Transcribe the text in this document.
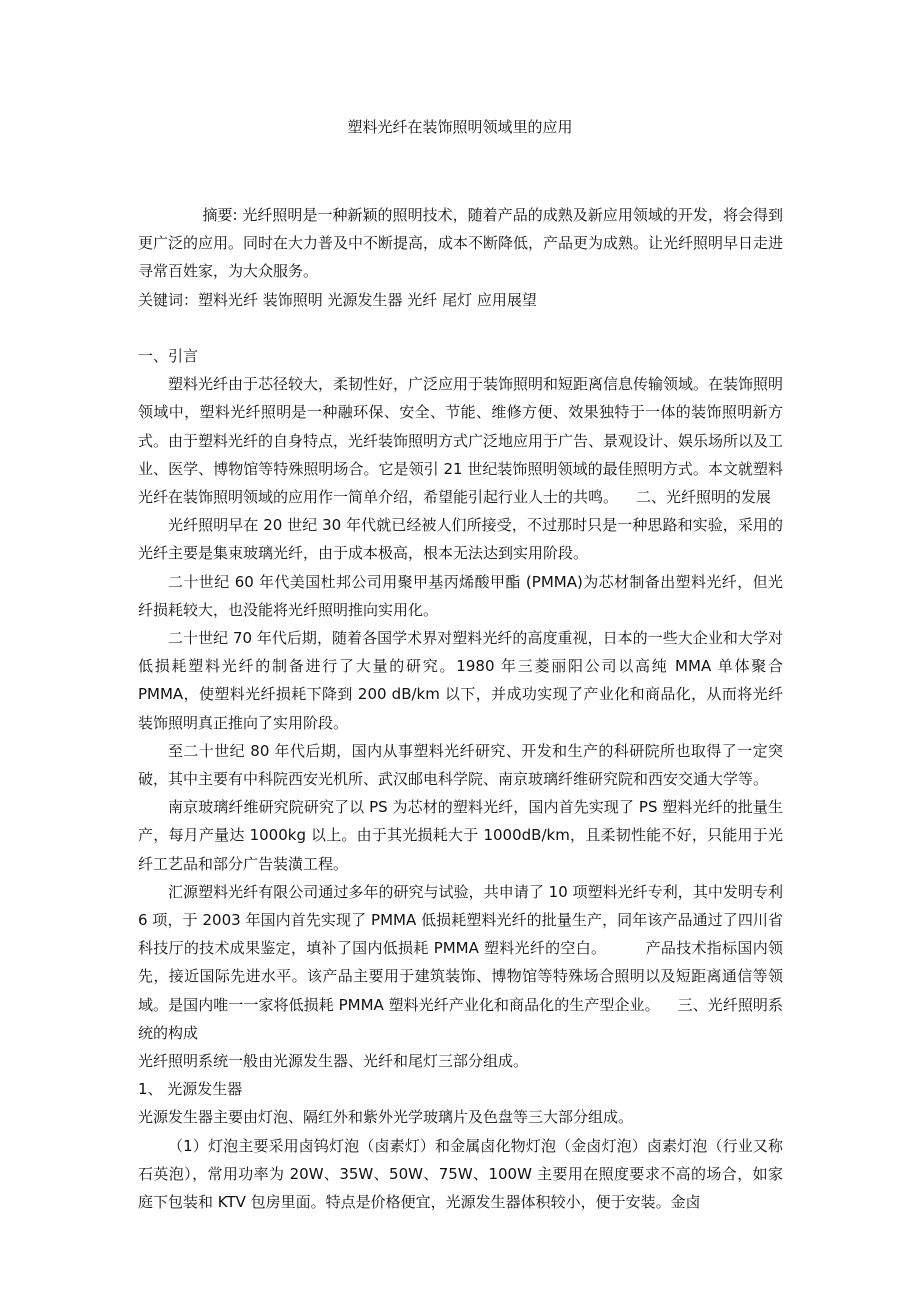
塑料光纤在装饰照明领域里的应用

摘要: 光纤照明是一种新颖的照明技术，随着产品的成熟及新应用领域的开发，将会得到更广泛的应用。同时在大力普及中不断提高，成本不断降低，产品更为成熟。让光纤照明早日走进寻常百姓家，为大众服务。

关键词：塑料光纤 装饰照明 光源发生器 光纤 尾灯 应用展望

一、引言

塑料光纤由于芯径较大，柔韧性好，广泛应用于装饰照明和短距离信息传输领域。在装饰照明领域中，塑料光纤照明是一种融环保、安全、节能、维修方便、效果独特于一体的装饰照明新方式。由于塑料光纤的自身特点，光纤装饰照明方式广泛地应用于广告、景观设计、娱乐场所以及工业、医学、博物馆等特殊照明场合。它是领引 21 世纪装饰照明领域的最佳照明方式。本文就塑料光纤在装饰照明领域的应用作一简单介绍，希望能引起行业人士的共鸣。 二、光纤照明的发展

光纤照明早在 20 世纪 30 年代就已经被人们所接受，不过那时只是一种思路和实验，采用的光纤主要是集束玻璃光纤，由于成本极高，根本无法达到实用阶段。

二十世纪 60 年代美国杜邦公司用聚甲基丙烯酸甲酯 (PMMA)为芯材制备出塑料光纤，但光纤损耗较大，也没能将光纤照明推向实用化。

二十世纪 70 年代后期，随着各国学术界对塑料光纤的高度重视，日本的一些大企业和大学对低损耗塑料光纤的制备进行了大量的研究。1980 年三菱丽阳公司以高纯 MMA 单体聚合 PMMA，使塑料光纤损耗下降到 200 dB/km 以下，并成功实现了产业化和商品化，从而将光纤装饰照明真正推向了实用阶段。

至二十世纪 80 年代后期，国内从事塑料光纤研究、开发和生产的科研院所也取得了一定突破，其中主要有中科院西安光机所、武汉邮电科学院、南京玻璃纤维研究院和西安交通大学等。

南京玻璃纤维研究院研究了以 PS 为芯材的塑料光纤，国内首先实现了 PS 塑料光纤的批量生产，每月产量达 1000kg 以上。由于其光损耗大于 1000dB/km，且柔韧性能不好，只能用于光纤工艺品和部分广告装潢工程。

汇源塑料光纤有限公司通过多年的研究与试验，共申请了 10 项塑料光纤专利，其中发明专利 6 项，于 2003 年国内首先实现了 PMMA 低损耗塑料光纤的批量生产，同年该产品通过了四川省科技厅的技术成果鉴定，填补了国内低损耗 PMMA 塑料光纤的空白。	产品技术指标国内领先，接近国际先进水平。该产品主要用于建筑装饰、博物馆等特殊场合照明以及短距离通信等领域。是国内唯一一家将低损耗 PMMA 塑料光纤产业化和商品化的生产型企业。 三、光纤照明系统的构成

光纤照明系统一般由光源发生器、光纤和尾灯三部分组成。

1、 光源发生器

光源发生器主要由灯泡、隔红外和紫外光学玻璃片及色盘等三大部分组成。

（1）灯泡主要采用卤钨灯泡（卤素灯）和金属卤化物灯泡（金卤灯泡）卤素灯泡（行业又称石英泡），常用功率为 20W、35W、50W、75W、100W 主要用在照度要求不高的场合，如家庭下包装和 KTV 包房里面。特点是价格便宜，光源发生器体积较小，便于安装。金卤
